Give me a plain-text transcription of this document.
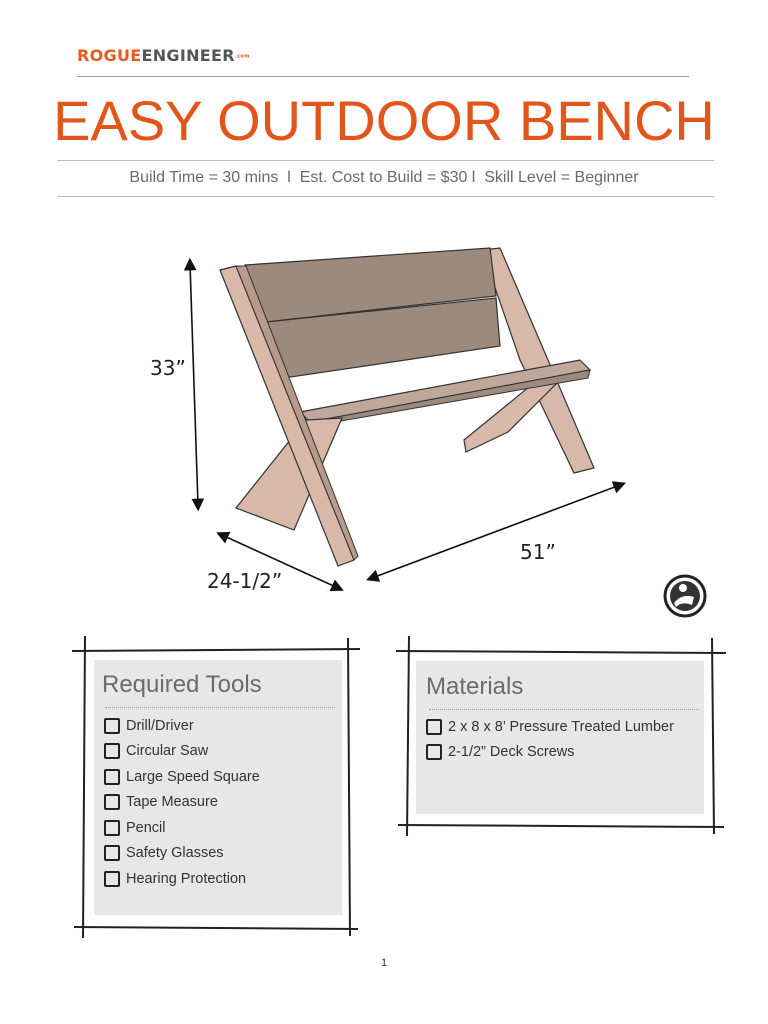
ROGUEENGINEER.com
EASY OUTDOOR BENCH
Build Time = 30 mins  l  Est. Cost to Build = $30 l  Skill Level = Beginner
33”
24-1/2”
51”
Required Tools
Drill/Driver
Circular Saw
Large Speed Square
Tape Measure
Pencil
Safety Glasses
Hearing Protection
Materials
2 x 8 x 8’ Pressure Treated Lumber
2-1/2” Deck Screws
1
